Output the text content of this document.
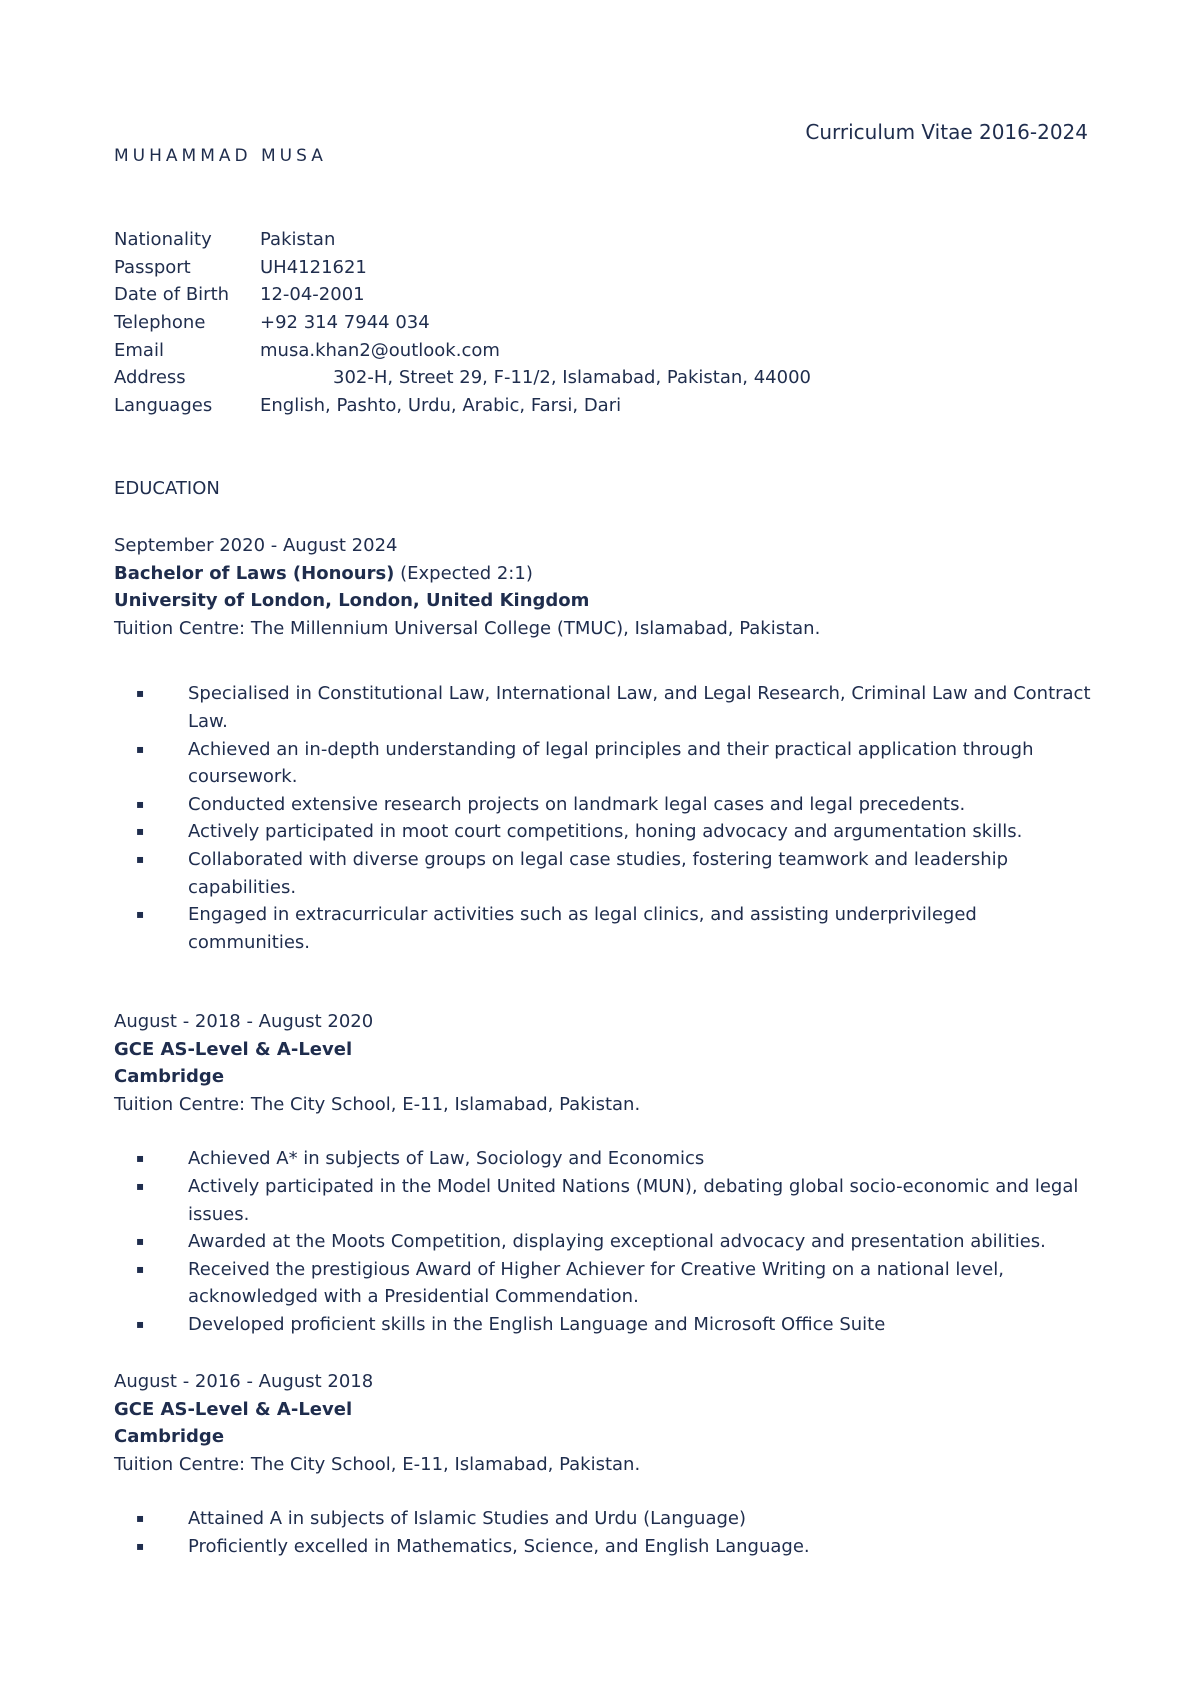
Curriculum Vitae 2016-2024
MUHAMMAD MUSA
Nationality	Pakistan
Passport	UH4121621
Date of Birth	12-04-2001
Telephone	+92 314 7944 034
Email	musa.khan2@outlook.com
Address	302-H, Street 29, F-11/2, Islamabad, Pakistan, 44000
Languages	English, Pashto, Urdu, Arabic, Farsi, Dari
EDUCATION
September 2020 - August 2024
Bachelor of Laws (Honours) (Expected 2:1)
University of London, London, United Kingdom
Tuition Centre: The Millennium Universal College (TMUC), Islamabad, Pakistan.
▪ Specialised in Constitutional Law, International Law, and Legal Research, Criminal Law and Contract Law.
▪ Achieved an in-depth understanding of legal principles and their practical application through coursework.
▪ Conducted extensive research projects on landmark legal cases and legal precedents.
▪ Actively participated in moot court competitions, honing advocacy and argumentation skills.
▪ Collaborated with diverse groups on legal case studies, fostering teamwork and leadership capabilities.
▪ Engaged in extracurricular activities such as legal clinics, and assisting underprivileged communities.
August - 2018 - August 2020
GCE AS-Level & A-Level
Cambridge
Tuition Centre: The City School, E-11, Islamabad, Pakistan.
▪ Achieved A* in subjects of Law, Sociology and Economics
▪ Actively participated in the Model United Nations (MUN), debating global socio-economic and legal issues.
▪ Awarded at the Moots Competition, displaying exceptional advocacy and presentation abilities.
▪ Received the prestigious Award of Higher Achiever for Creative Writing on a national level, acknowledged with a Presidential Commendation.
▪ Developed proficient skills in the English Language and Microsoft Office Suite
August - 2016 - August 2018
GCE AS-Level & A-Level
Cambridge
Tuition Centre: The City School, E-11, Islamabad, Pakistan.
▪ Attained A in subjects of Islamic Studies and Urdu (Language)
▪ Proficiently excelled in Mathematics, Science, and English Language.
